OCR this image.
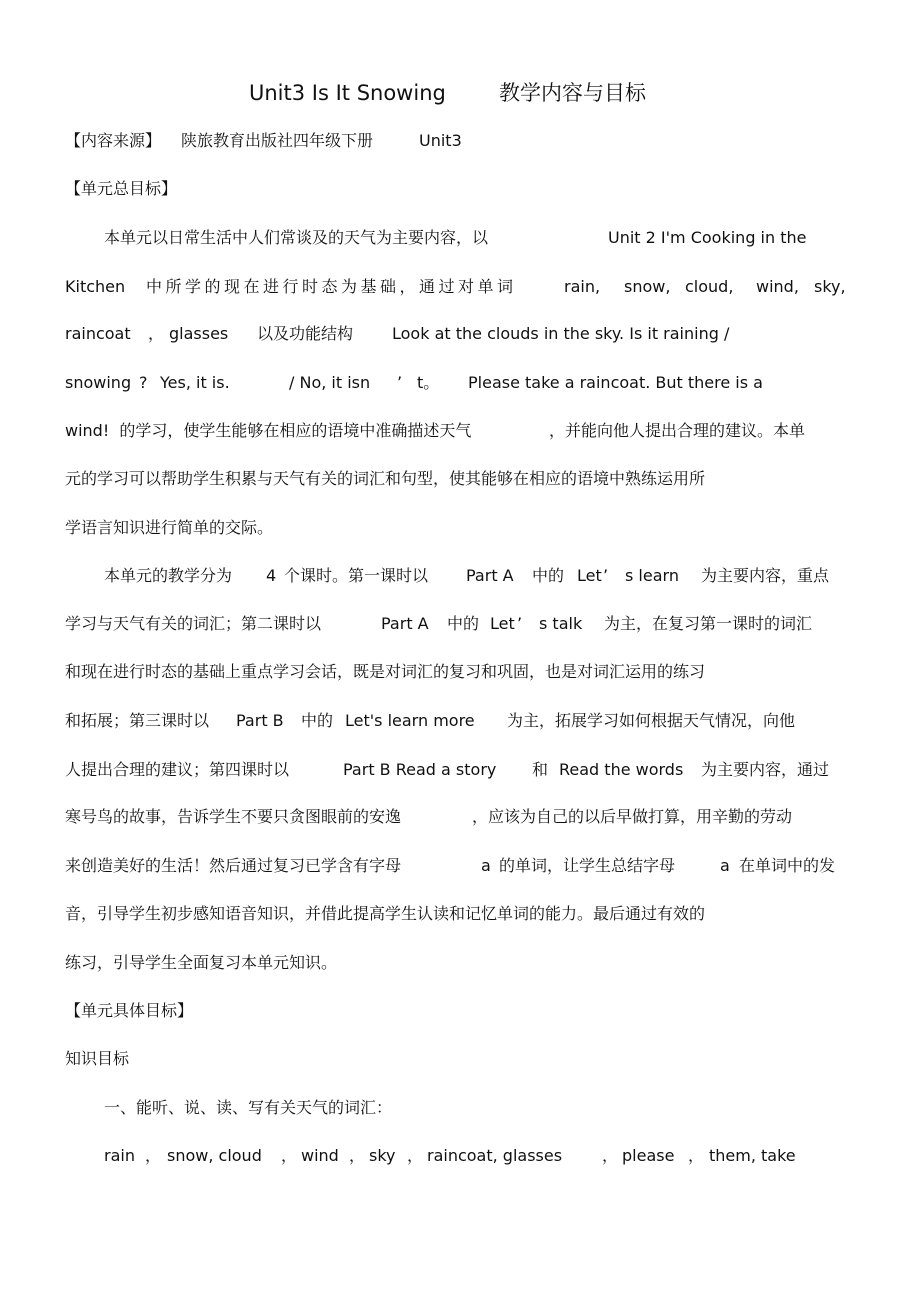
Unit3 Is It Snowing	教学内容与目标
【内容来源】 陕旅教育出版社四年级下册	Unit3
【单元总目标】
本单元以日常生活中人们常谈及的天气为主要内容，以	Unit 2 I'm Cooking in the
Kitchen 中所学的现在进行时态为基础，通过对单词	rain, snow, cloud, wind, sky,
raincoat ， glasses 以及功能结构 Look at the clouds in the sky. Is it raining /
snowing ? Yes, it is.	/ No, it isn ’ t。 Please take a raincoat. But there is a
wind!  的学习，使学生能够在相应的语境中准确描述天气	，并能向他人提出合理的建议。本单
元的学习可以帮助学生积累与天气有关的词汇和句型，使其能够在相应的语境中熟练运用所
学语言知识进行简单的交际。
本单元的教学分为 4 个课时。第一课时以 Part A 中的 Let ’ s learn 为主要内容，重点
学习与天气有关的词汇；第二课时以	Part A 中的 Let ’ s talk 为主，在复习第一课时的词汇
和现在进行时态的基础上重点学习会话，既是对词汇的复习和巩固，也是对词汇运用的练习
和拓展；第三课时以 Part B 中的 Let's learn more 为主，拓展学习如何根据天气情况，向他
人提出合理的建议；第四课时以	Part B Read a story 和 Read the words 为主要内容，通过
寒号鸟的故事，告诉学生不要只贪图眼前的安逸	，应该为自己的以后早做打算，用辛勤的劳动
来创造美好的生活！然后通过复习已学含有字母	a 的单词，让学生总结字母	a 在单词中的发
音，引导学生初步感知语音知识，并借此提高学生认读和记忆单词的能力。最后通过有效的
练习，引导学生全面复习本单元知识。
【单元具体目标】
知识目标
一、能听、说、读、写有关天气的词汇：
rain ， snow, cloud ， wind ， sky ， raincoat, glasses ， please ， them, take
